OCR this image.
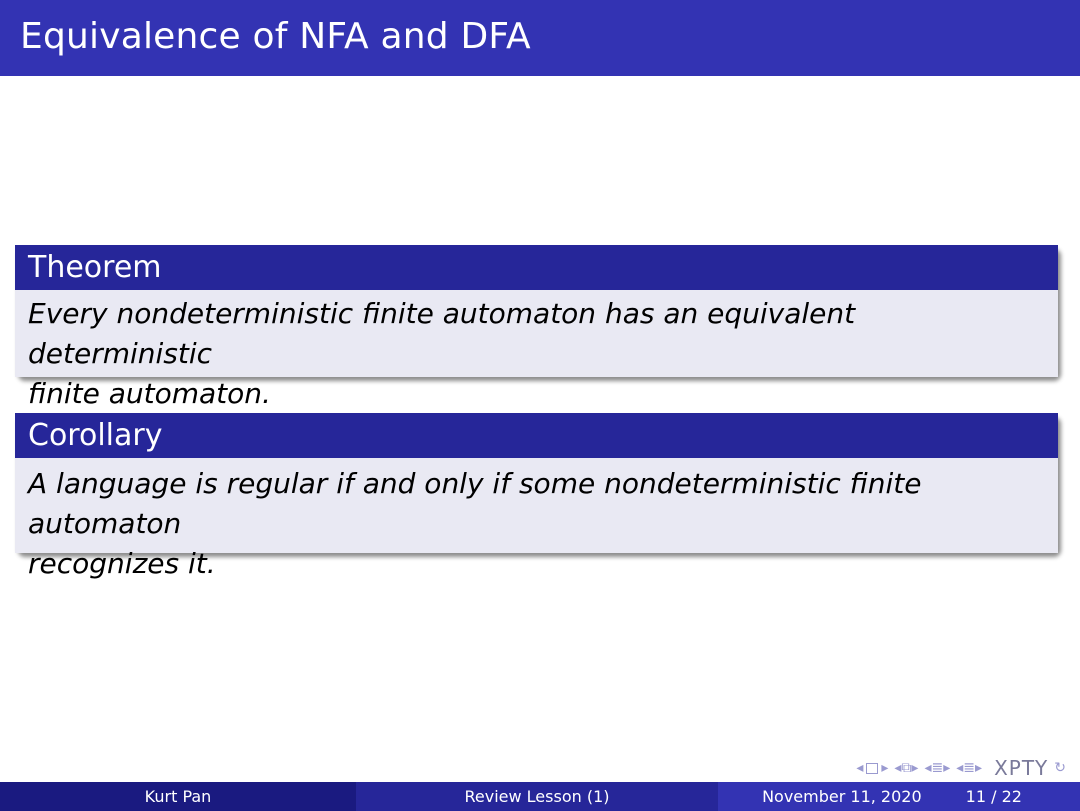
Equivalence of NFA and DFA
Theorem
Every nondeterministic finite automaton has an equivalent deterministic
finite automaton.
Corollary
A language is regular if and only if some nondeterministic finite automaton
recognizes it.
◂ ▸ ◂⧉▸ ◂≣▸ ◂≣▸ XPTY ↻
Kurt Pan	Review Lesson (1)	November 11, 2020	11 / 22
